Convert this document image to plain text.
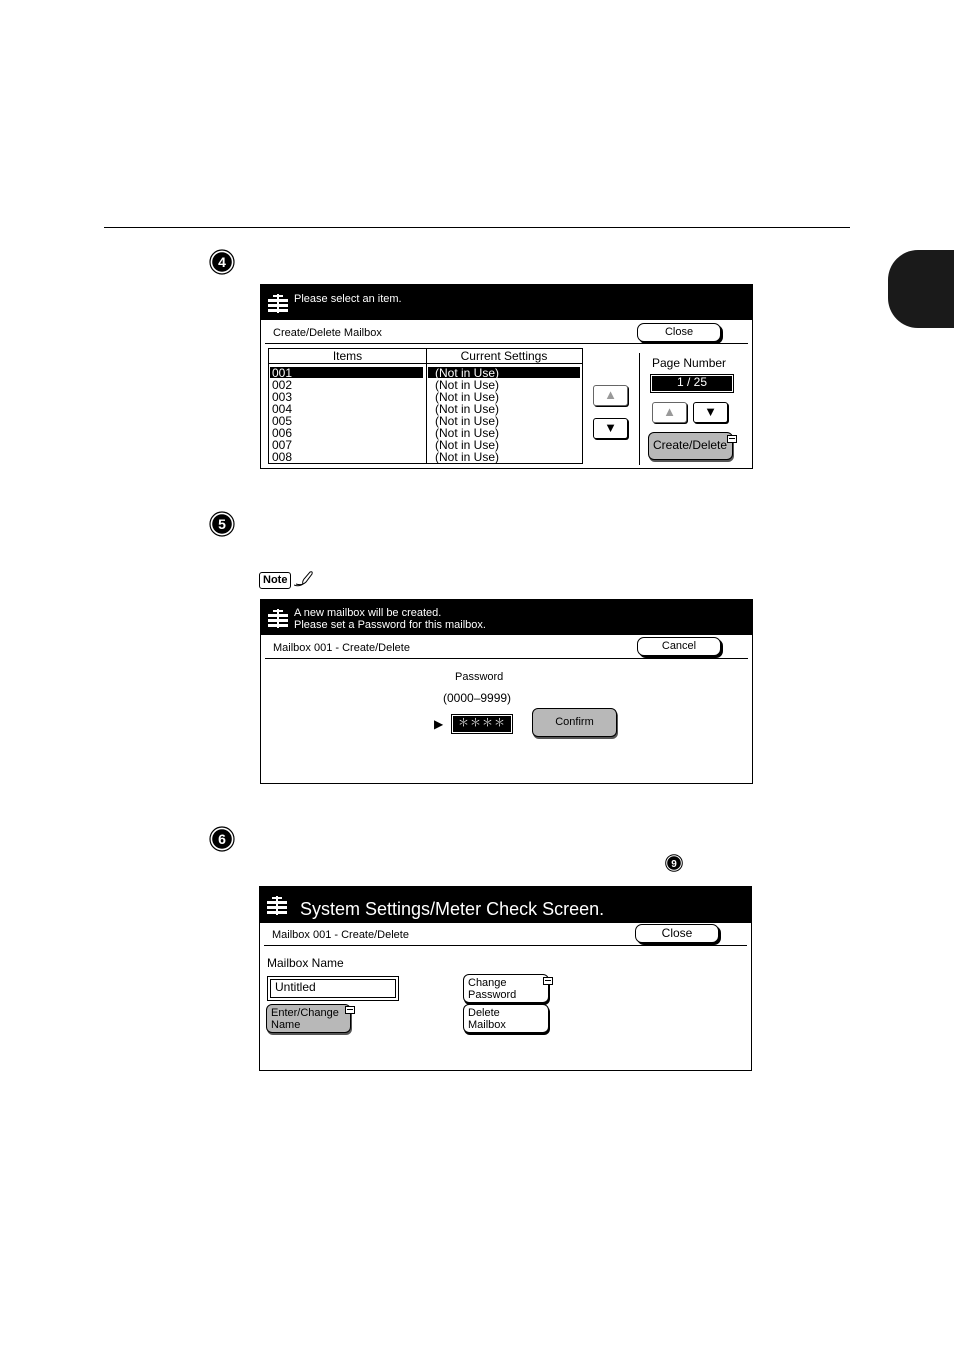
4
Please select an item.
Create/Delete Mailbox	Close
Items	Current Settings
001	(Not in Use)
002	(Not in Use)
003	(Not in Use)
004	(Not in Use)
005	(Not in Use)
006	(Not in Use)
007	(Not in Use)
008	(Not in Use)
▲
▼
Page Number
1 / 25
▲	▼
Create/Delete
5
Note
A new mailbox will be created.
Please set a Password for this mailbox.
Mailbox 001 - Create/Delete	Cancel
Password
(0000–9999)
▶	＊＊＊＊	Confirm
6
9
System Settings/Meter Check Screen.
Mailbox 001 - Create/Delete	Close
Mailbox Name
Untitled
Enter/Change
Name
Change
Password
Delete
Mailbox
